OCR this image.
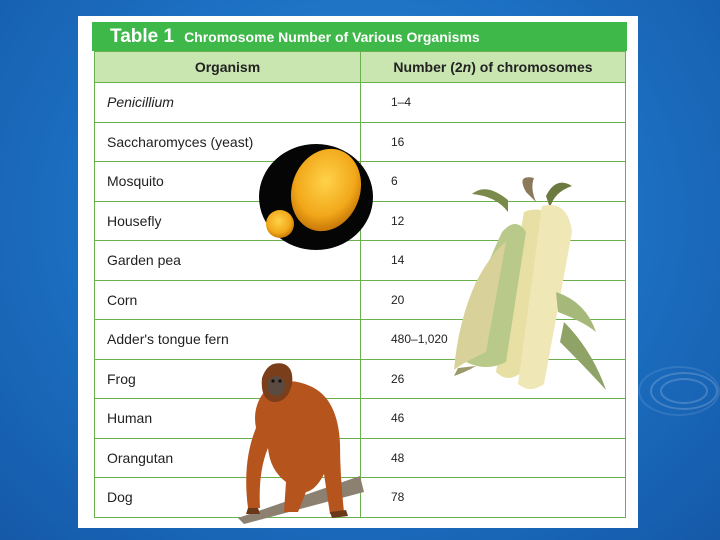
Table 1 Chromosome Number of Various Organisms
Organism	Number (2n) of chromosomes
Penicillium	1–4
Saccharomyces (yeast)	16
Mosquito	6
Housefly	12
Garden pea	14
Corn	20
Adder's tongue fern	480–1,020
Frog	26
Human	46
Orangutan	48
Dog	78
